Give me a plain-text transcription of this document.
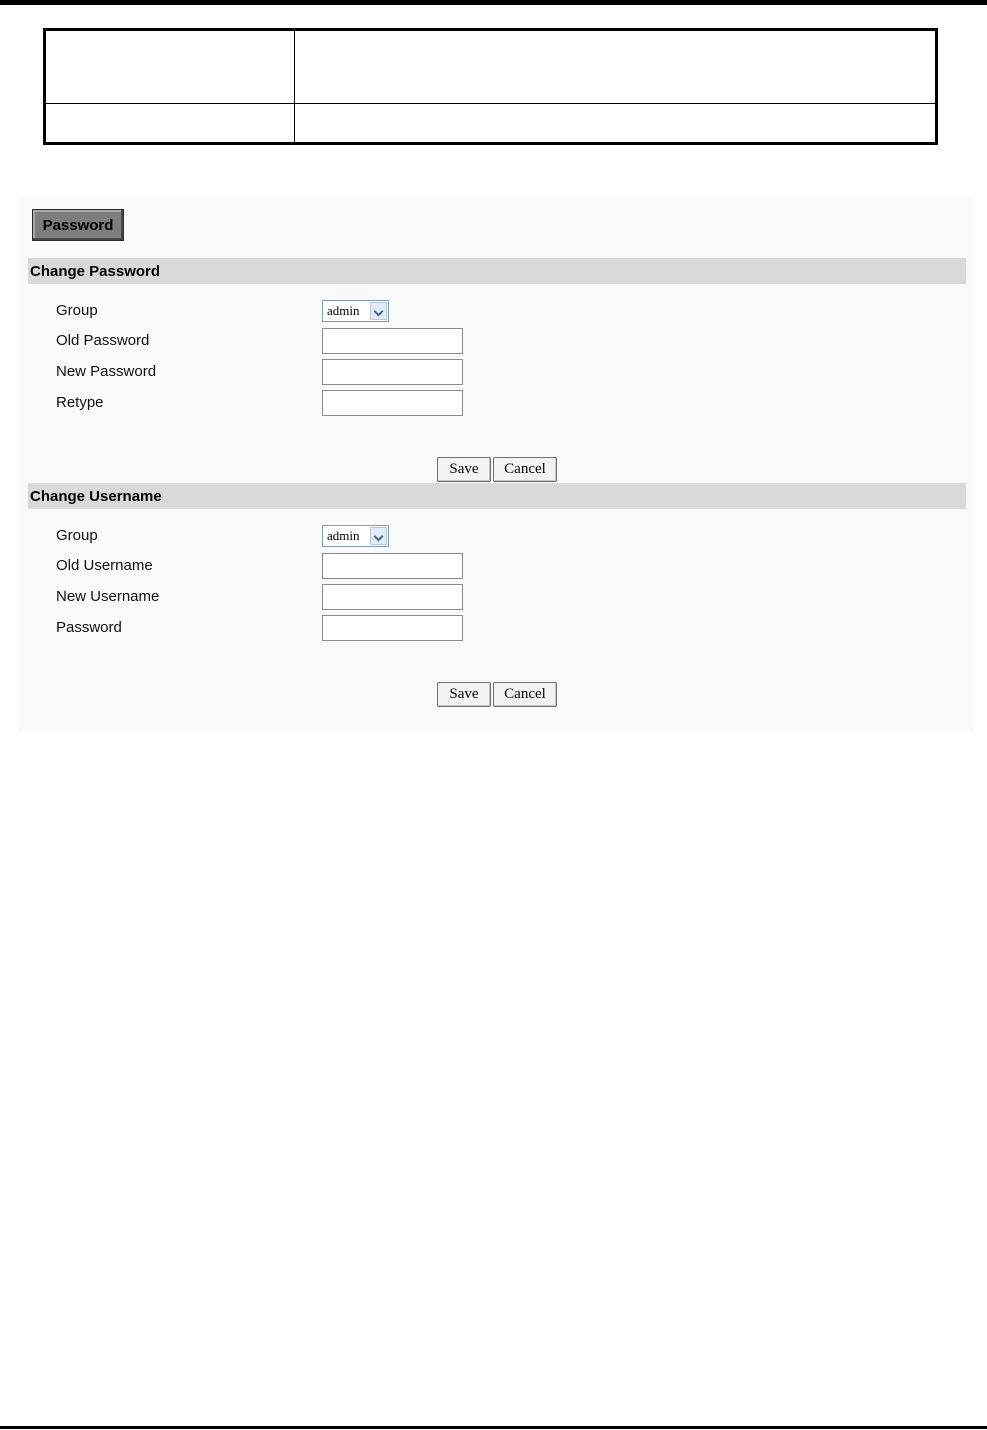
Password
Change Password
Group	admin
Old Password
New Password
Retype
Save	Cancel
Change Username
Group	admin
Old Username
New Username
Password
Save	Cancel
